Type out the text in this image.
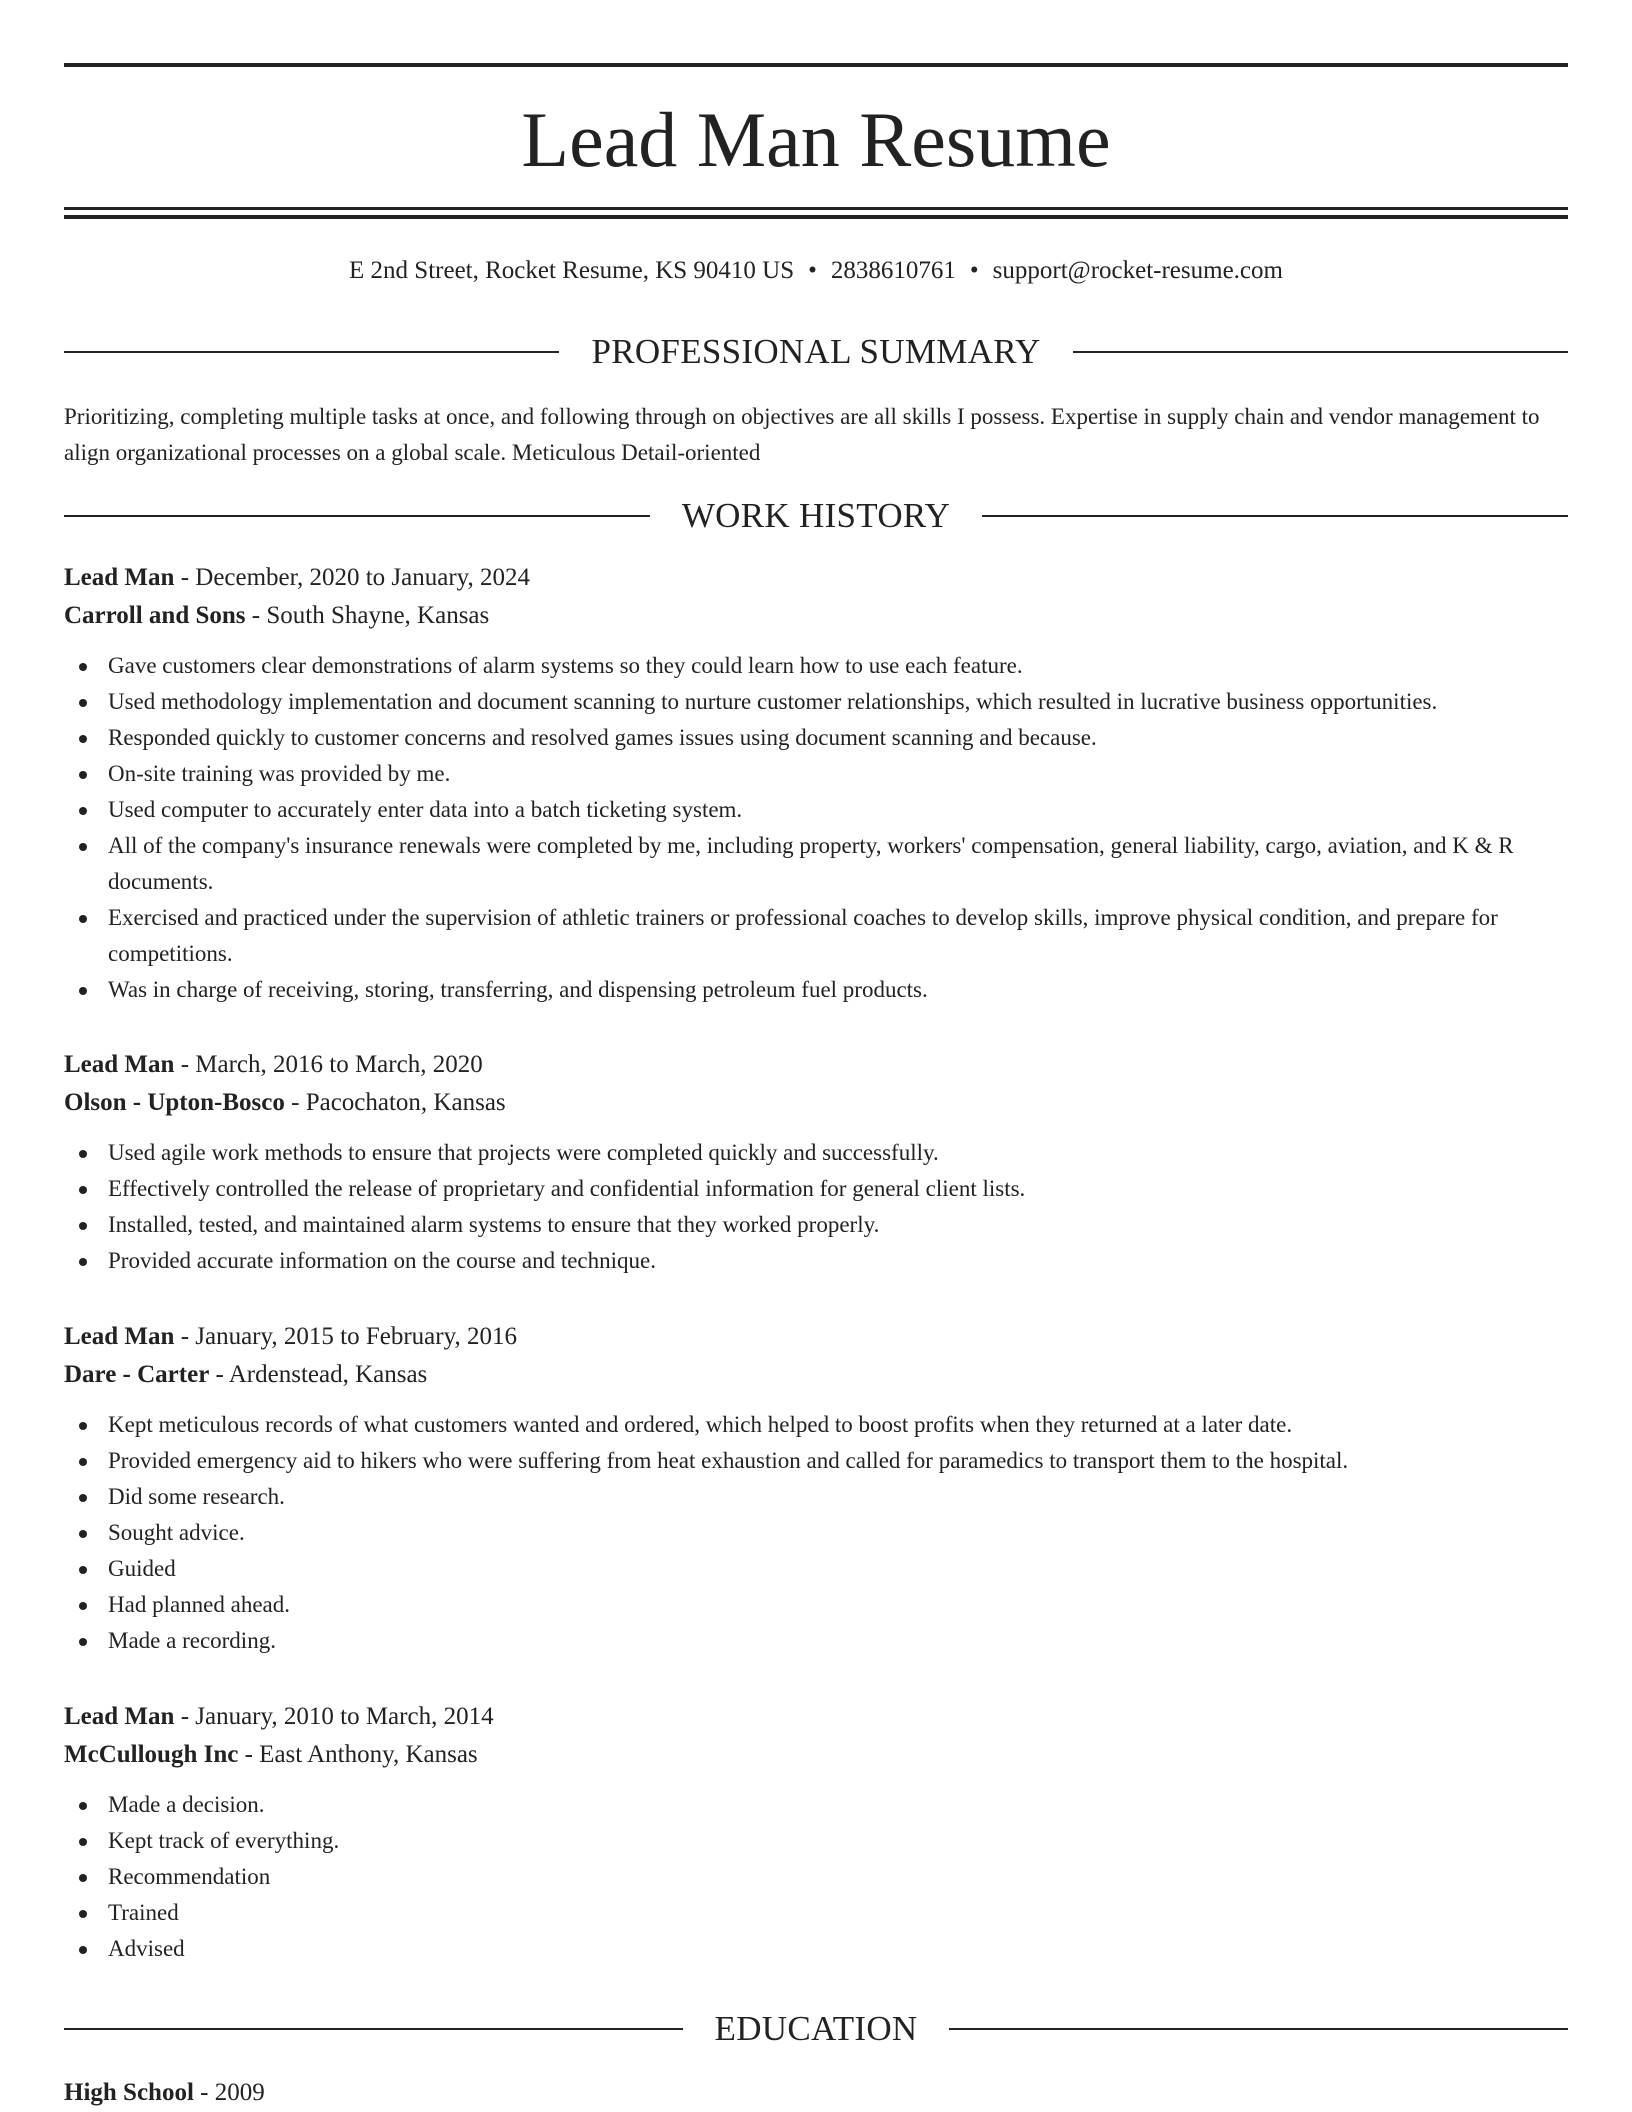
Lead Man Resume
E 2nd Street, Rocket Resume, KS 90410 US • 2838610761 • support@rocket-resume.com
PROFESSIONAL SUMMARY

Prioritizing, completing multiple tasks at once, and following through on objectives are all skills I possess. Expertise in supply chain and vendor management to align organizational processes on a global scale. Meticulous Detail-oriented

WORK HISTORY

Lead Man - December, 2020 to January, 2024

Carroll and Sons - South Shayne, Kansas

Gave customers clear demonstrations of alarm systems so they could learn how to use each feature.
Used methodology implementation and document scanning to nurture customer relationships, which resulted in lucrative business opportunities.
Responded quickly to customer concerns and resolved games issues using document scanning and because.
On-site training was provided by me.
Used computer to accurately enter data into a batch ticketing system.
All of the company's insurance renewals were completed by me, including property, workers' compensation, general liability, cargo, aviation, and K & R documents.
Exercised and practiced under the supervision of athletic trainers or professional coaches to develop skills, improve physical condition, and prepare for competitions.
Was in charge of receiving, storing, transferring, and dispensing petroleum fuel products.

Lead Man - March, 2016 to March, 2020

Olson - Upton-Bosco - Pacochaton, Kansas

Used agile work methods to ensure that projects were completed quickly and successfully.
Effectively controlled the release of proprietary and confidential information for general client lists.
Installed, tested, and maintained alarm systems to ensure that they worked properly.
Provided accurate information on the course and technique.

Lead Man - January, 2015 to February, 2016

Dare - Carter - Ardenstead, Kansas

Kept meticulous records of what customers wanted and ordered, which helped to boost profits when they returned at a later date.
Provided emergency aid to hikers who were suffering from heat exhaustion and called for paramedics to transport them to the hospital.
Did some research.
Sought advice.
Guided
Had planned ahead.
Made a recording.

Lead Man - January, 2010 to March, 2014

McCullough Inc - East Anthony, Kansas

Made a decision.
Kept track of everything.
Recommendation
Trained
Advised
EDUCATION
High School - 2009
